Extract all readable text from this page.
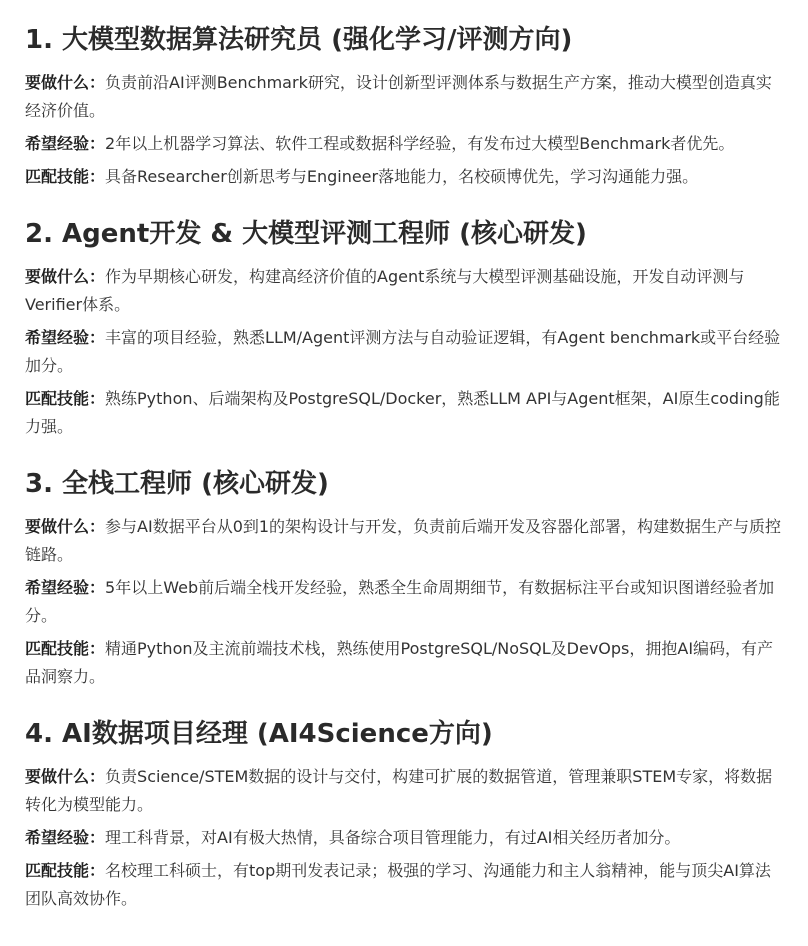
1. 大模型数据算法研究员 (强化学习/评测方向)

要做什么：负责前沿AI评测Benchmark研究，设计创新型评测体系与数据生产方案，推动大模型创造真实经济价值。

希望经验：2年以上机器学习算法、软件工程或数据科学经验，有发布过大模型Benchmark者优先。

匹配技能：具备Researcher创新思考与Engineer落地能力，名校硕博优先，学习沟通能力强。

2. Agent开发 & 大模型评测工程师 (核心研发)

要做什么：作为早期核心研发，构建高经济价值的Agent系统与大模型评测基础设施，开发自动评测与Verifier体系。

希望经验：丰富的项目经验，熟悉LLM/Agent评测方法与自动验证逻辑，有Agent benchmark或平台经验加分。

匹配技能：熟练Python、后端架构及PostgreSQL/Docker，熟悉LLM API与Agent框架，AI原生coding能力强。

3. 全栈工程师 (核心研发)

要做什么：参与AI数据平台从0到1的架构设计与开发，负责前后端开发及容器化部署，构建数据生产与质控链路。

希望经验：5年以上Web前后端全栈开发经验，熟悉全生命周期细节，有数据标注平台或知识图谱经验者加分。

匹配技能：精通Python及主流前端技术栈，熟练使用PostgreSQL/NoSQL及DevOps，拥抱AI编码，有产品洞察力。

4. AI数据项目经理 (AI4Science方向)

要做什么：负责Science/STEM数据的设计与交付，构建可扩展的数据管道，管理兼职STEM专家，将数据转化为模型能力。

希望经验：理工科背景，对AI有极大热情，具备综合项目管理能力，有过AI相关经历者加分。

匹配技能：名校理工科硕士，有top期刊发表记录；极强的学习、沟通能力和主人翁精神，能与顶尖AI算法团队高效协作。
